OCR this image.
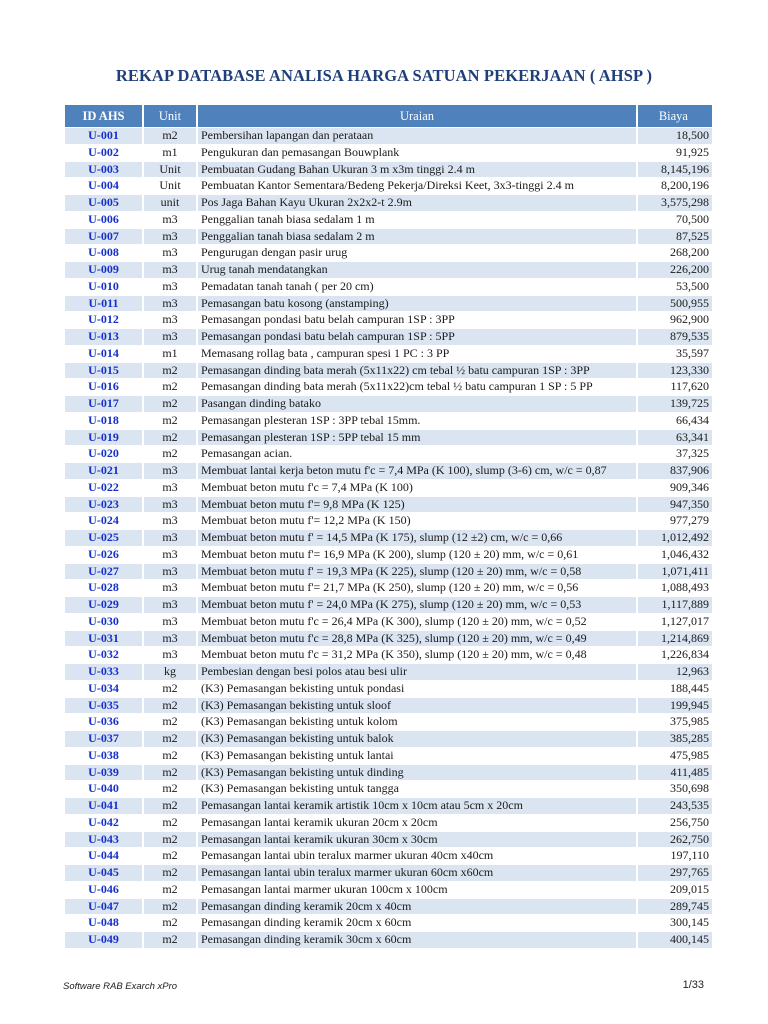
REKAP DATABASE ANALISA HARGA SATUAN PEKERJAAN ( AHSP )
ID AHS	Unit	Uraian	Biaya
U-001	m2	Pembersihan lapangan dan perataan	18,500
U-002	m1	Pengukuran dan pemasangan Bouwplank	91,925
U-003	Unit	Pembuatan Gudang Bahan Ukuran 3 m x3m tinggi 2.4 m	8,145,196
U-004	Unit	Pembuatan Kantor Sementara/Bedeng Pekerja/Direksi Keet, 3x3-tinggi 2.4 m	8,200,196
U-005	unit	Pos Jaga Bahan Kayu Ukuran 2x2x2-t 2.9m	3,575,298
U-006	m3	Penggalian tanah biasa sedalam 1 m	70,500
U-007	m3	Penggalian tanah biasa sedalam 2 m	87,525
U-008	m3	Pengurugan dengan pasir urug	268,200
U-009	m3	Urug tanah mendatangkan	226,200
U-010	m3	Pemadatan tanah tanah ( per 20 cm)	53,500
U-011	m3	Pemasangan batu kosong (anstamping)	500,955
U-012	m3	Pemasangan pondasi batu belah campuran 1SP : 3PP	962,900
U-013	m3	Pemasangan pondasi batu belah campuran 1SP : 5PP	879,535
U-014	m1	Memasang rollag bata , campuran spesi 1 PC : 3 PP	35,597
U-015	m2	Pemasangan dinding bata merah (5x11x22) cm tebal ½ batu campuran 1SP : 3PP	123,330
U-016	m2	Pemasangan dinding bata merah (5x11x22)cm tebal ½ batu campuran 1 SP : 5 PP	117,620
U-017	m2	Pasangan dinding batako	139,725
U-018	m2	Pemasangan plesteran 1SP : 3PP tebal 15mm.	66,434
U-019	m2	Pemasangan plesteran 1SP : 5PP tebal 15 mm	63,341
U-020	m2	Pemasangan acian.	37,325
U-021	m3	Membuat lantai kerja beton mutu f'c = 7,4 MPa (K 100), slump (3-6) cm, w/c = 0,87	837,906
U-022	m3	Membuat beton mutu f'c = 7,4 MPa (K 100)	909,346
U-023	m3	Membuat beton mutu f'= 9,8 MPa (K 125)	947,350
U-024	m3	Membuat beton mutu f'= 12,2 MPa (K 150)	977,279
U-025	m3	Membuat beton mutu f' = 14,5 MPa (K 175), slump (12 ±2) cm, w/c = 0,66	1,012,492
U-026	m3	Membuat beton mutu f'= 16,9 MPa (K 200), slump (120 ± 20) mm, w/c = 0,61	1,046,432
U-027	m3	Membuat beton mutu f' = 19,3 MPa (K 225), slump (120 ± 20) mm, w/c = 0,58	1,071,411
U-028	m3	Membuat beton mutu f'= 21,7 MPa (K 250), slump (120 ± 20) mm, w/c = 0,56	1,088,493
U-029	m3	Membuat beton mutu f' = 24,0 MPa (K 275), slump (120 ± 20) mm, w/c = 0,53	1,117,889
U-030	m3	Membuat beton mutu f'c = 26,4 MPa (K 300), slump (120 ± 20) mm, w/c = 0,52	1,127,017
U-031	m3	Membuat beton mutu f'c = 28,8 MPa (K 325), slump (120 ± 20) mm, w/c = 0,49	1,214,869
U-032	m3	Membuat beton mutu f'c = 31,2 MPa (K 350), slump (120 ± 20) mm, w/c = 0,48	1,226,834
U-033	kg	Pembesian dengan besi polos atau besi ulir	12,963
U-034	m2	(K3) Pemasangan bekisting untuk pondasi	188,445
U-035	m2	(K3) Pemasangan bekisting untuk sloof	199,945
U-036	m2	(K3) Pemasangan bekisting untuk kolom	375,985
U-037	m2	(K3) Pemasangan bekisting untuk balok	385,285
U-038	m2	(K3) Pemasangan bekisting untuk lantai	475,985
U-039	m2	(K3) Pemasangan bekisting untuk dinding	411,485
U-040	m2	(K3) Pemasangan bekisting untuk tangga	350,698
U-041	m2	Pemasangan lantai keramik artistik 10cm x 10cm atau 5cm x 20cm	243,535
U-042	m2	Pemasangan lantai keramik ukuran 20cm x 20cm	256,750
U-043	m2	Pemasangan lantai keramik ukuran 30cm x 30cm	262,750
U-044	m2	Pemasangan lantai ubin teralux marmer ukuran 40cm x40cm	197,110
U-045	m2	Pemasangan lantai ubin teralux marmer ukuran 60cm x60cm	297,765
U-046	m2	Pemasangan lantai marmer ukuran 100cm x 100cm	209,015
U-047	m2	Pemasangan dinding keramik 20cm x 40cm	289,745
U-048	m2	Pemasangan dinding keramik 20cm x 60cm	300,145
U-049	m2	Pemasangan dinding keramik 30cm x 60cm	400,145
Software RAB Exarch xPro	1/33
